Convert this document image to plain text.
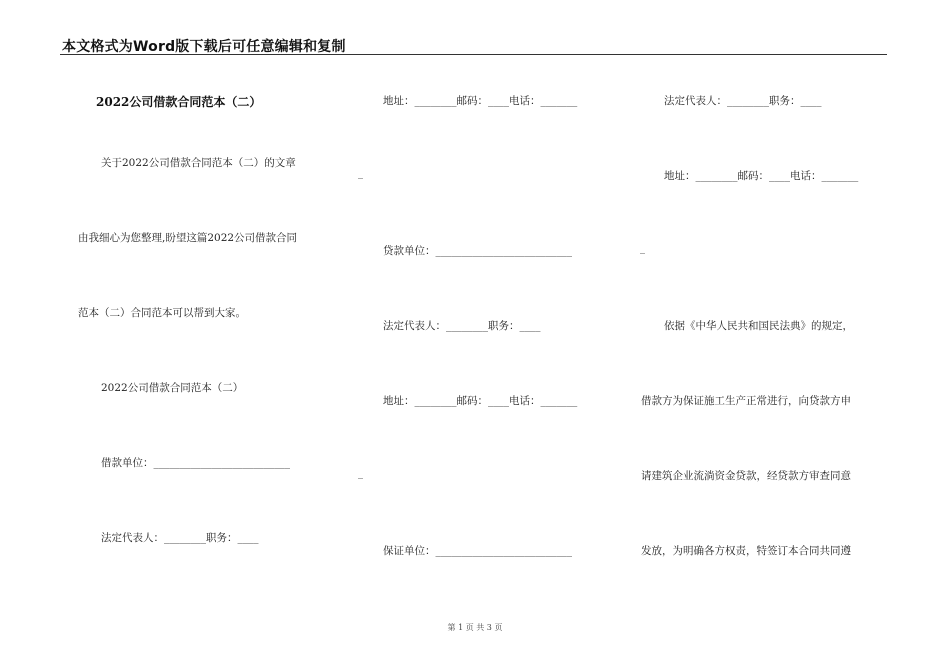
本文格式为Word版下载后可任意编辑和复制
2022公司借款合同范本（二）
关于2022公司借款合同范本（二）的文章
由我细心为您整理,盼望这篇2022公司借款合同
范本（二）合同范本可以帮到大家。
2022公司借款合同范本（二）
借款单位：__________________________
法定代表人：________职务：____
地址：________邮码：____电话：_______
_
贷款单位：__________________________
法定代表人：________职务：____
地址：________邮码：____电话：_______
_
保证单位：__________________________
法定代表人：________职务：____
地址：________邮码：____电话：_______
_
依据《中华人民共和国民法典》的规定，
借款方为保证施工生产正常进行，向贷款方申
请建筑企业流淌资金贷款，经贷款方审查同意
发放，为明确各方权责，特签订本合同共同遵
第 1 页 共 3 页
